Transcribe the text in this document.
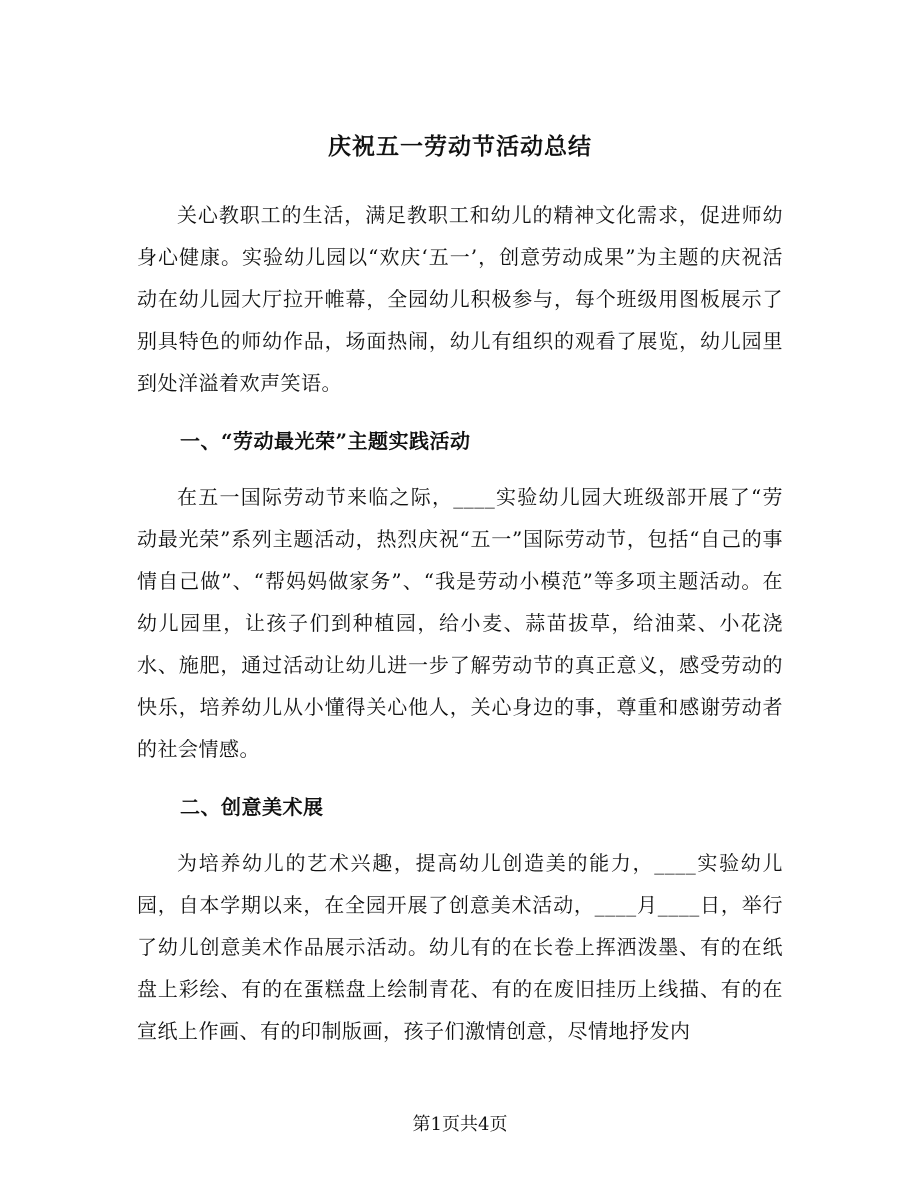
庆祝五一劳动节活动总结
关心教职工的生活，满足教职工和幼儿的精神文化需求，促进师幼身心健康。实验幼儿园以“欢庆‘五一’，创意劳动成果”为主题的庆祝活动在幼儿园大厅拉开帷幕，全园幼儿积极参与，每个班级用图板展示了别具特色的师幼作品，场面热闹，幼儿有组织的观看了展览，幼儿园里到处洋溢着欢声笑语。
一、“劳动最光荣”主题实践活动
在五一国际劳动节来临之际，____实验幼儿园大班级部开展了“劳动最光荣”系列主题活动，热烈庆祝“五一”国际劳动节，包括“自己的事情自己做”、“帮妈妈做家务”、“我是劳动小模范”等多项主题活动。在幼儿园里，让孩子们到种植园，给小麦、蒜苗拔草，给油菜、小花浇水、施肥，通过活动让幼儿进一步了解劳动节的真正意义，感受劳动的快乐，培养幼儿从小懂得关心他人，关心身边的事，尊重和感谢劳动者的社会情感。
二、创意美术展
为培养幼儿的艺术兴趣，提高幼儿创造美的能力，____实验幼儿园，自本学期以来，在全园开展了创意美术活动，____月____日，举行了幼儿创意美术作品展示活动。幼儿有的在长卷上挥洒泼墨、有的在纸盘上彩绘、有的在蛋糕盘上绘制青花、有的在废旧挂历上线描、有的在宣纸上作画、有的印制版画，孩子们激情创意，尽情地抒发内
第1页共4页
